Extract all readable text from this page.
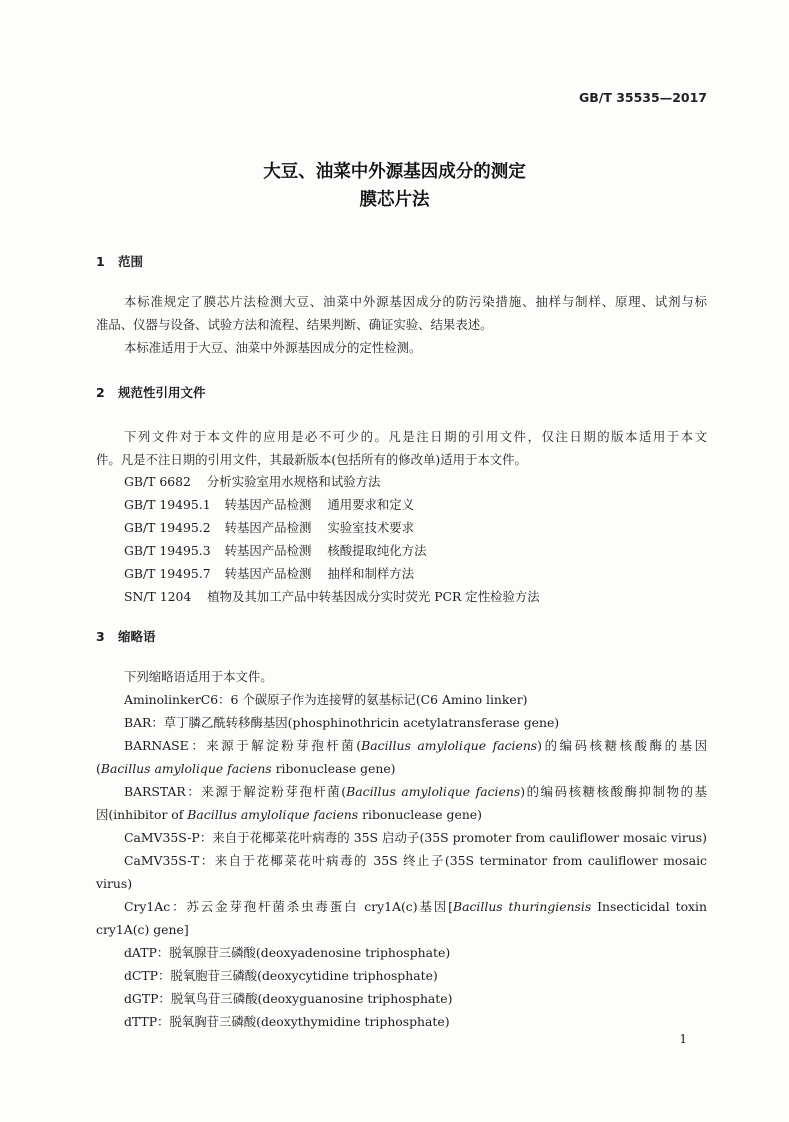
GB/T 35535—2017
大豆、油菜中外源基因成分的测定
膜芯片法
1 范围
本标准规定了膜芯片法检测大豆、油菜中外源基因成分的防污染措施、抽样与制样、原理、试剂与标
准品、仪器与设备、试验方法和流程、结果判断、确证实验、结果表述。
本标准适用于大豆、油菜中外源基因成分的定性检测。
2 规范性引用文件
下列文件对于本文件的应用是必不可少的。凡是注日期的引用文件，仅注日期的版本适用于本文
件。凡是不注日期的引用文件，其最新版本(包括所有的修改单)适用于本文件。
GB/T 6682 分析实验室用水规格和试验方法
GB/T 19495.1 转基因产品检测 通用要求和定义
GB/T 19495.2 转基因产品检测 实验室技术要求
GB/T 19495.3 转基因产品检测 核酸提取纯化方法
GB/T 19495.7 转基因产品检测 抽样和制样方法
SN/T 1204 植物及其加工产品中转基因成分实时荧光 PCR 定性检验方法
3 缩略语
下列缩略语适用于本文件。
AminolinkerC6：6 个碳原子作为连接臂的氨基标记(C6 Amino linker)
BAR：草丁膦乙酰转移酶基因(phosphinothricin acetylatransferase gene)
BARNASE：来源于解淀粉芽孢杆菌(Bacillus amylolique faciens)的编码核糖核酸酶的基因
(Bacillus amylolique faciens ribonuclease gene)
BARSTAR：来源于解淀粉芽孢杆菌(Bacillus amylolique faciens)的编码核糖核酸酶抑制物的基
因(inhibitor of Bacillus amylolique faciens ribonuclease gene)
CaMV35S-P：来自于花椰菜花叶病毒的 35S 启动子(35S promoter from cauliflower mosaic virus)
CaMV35S-T：来自于花椰菜花叶病毒的 35S 终止子(35S terminator from cauliflower mosaic
virus)
Cry1Ac：苏云金芽孢杆菌杀虫毒蛋白 cry1A(c)基因[Bacillus thuringiensis Insecticidal toxin
cry1A(c) gene]
dATP：脱氧腺苷三磷酸(deoxyadenosine triphosphate)
dCTP：脱氧胞苷三磷酸(deoxycytidine triphosphate)
dGTP：脱氧鸟苷三磷酸(deoxyguanosine triphosphate)
dTTP：脱氧胸苷三磷酸(deoxythymidine triphosphate)
1
